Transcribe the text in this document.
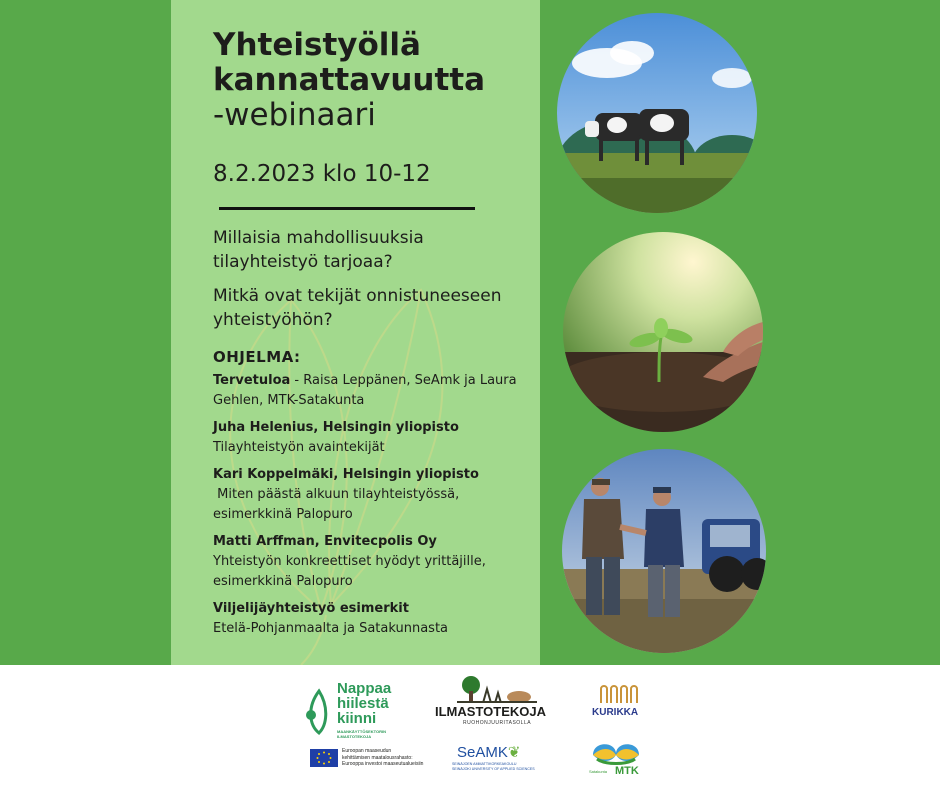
Yhteistyöllä
kannattavuutta
-webinaari
8.2.2023 klo 10-12
Millaisia mahdollisuuksia tilayhteistyö tarjoaa?
Mitkä ovat tekijät onnistuneeseen yhteistyöhön?
OHJELMA:
Tervetuloa - Raisa Leppänen, SeAmk ja Laura Gehlen, MTK-Satakunta
Juha Helenius, Helsingin yliopisto
Tilayhteistyön avaintekijät
Kari Koppelmäki, Helsingin yliopisto
Miten päästä alkuun tilayhteistyössä, esimerkkinä Palopuro
Matti Arffman, Envitecpolis Oy
Yhteistyön konkreettiset hyödyt yrittäjille, esimerkkinä Palopuro
Viljelijäyhteistyö esimerkit
Etelä-Pohjanmaalta ja Satakunnasta
Nappaa
hiilestä
kiinni
MAANKÄYTTÖSEKTORIN
ILMASTOTEKOJA
Euroopan maaseudun
kehittämisen maatalousrahasto:
Eurooppa investoi maaseutualueisiin
ILMASTOTEKOJA
RUOHONJUURITASOLLA
SeAMK❦
SEINÄJOEN AMMATTIKORKEAKOULU
SEINÄJOKI UNIVERSITY OF APPLIED SCIENCES
KURIKKA
Satakunta MTK
